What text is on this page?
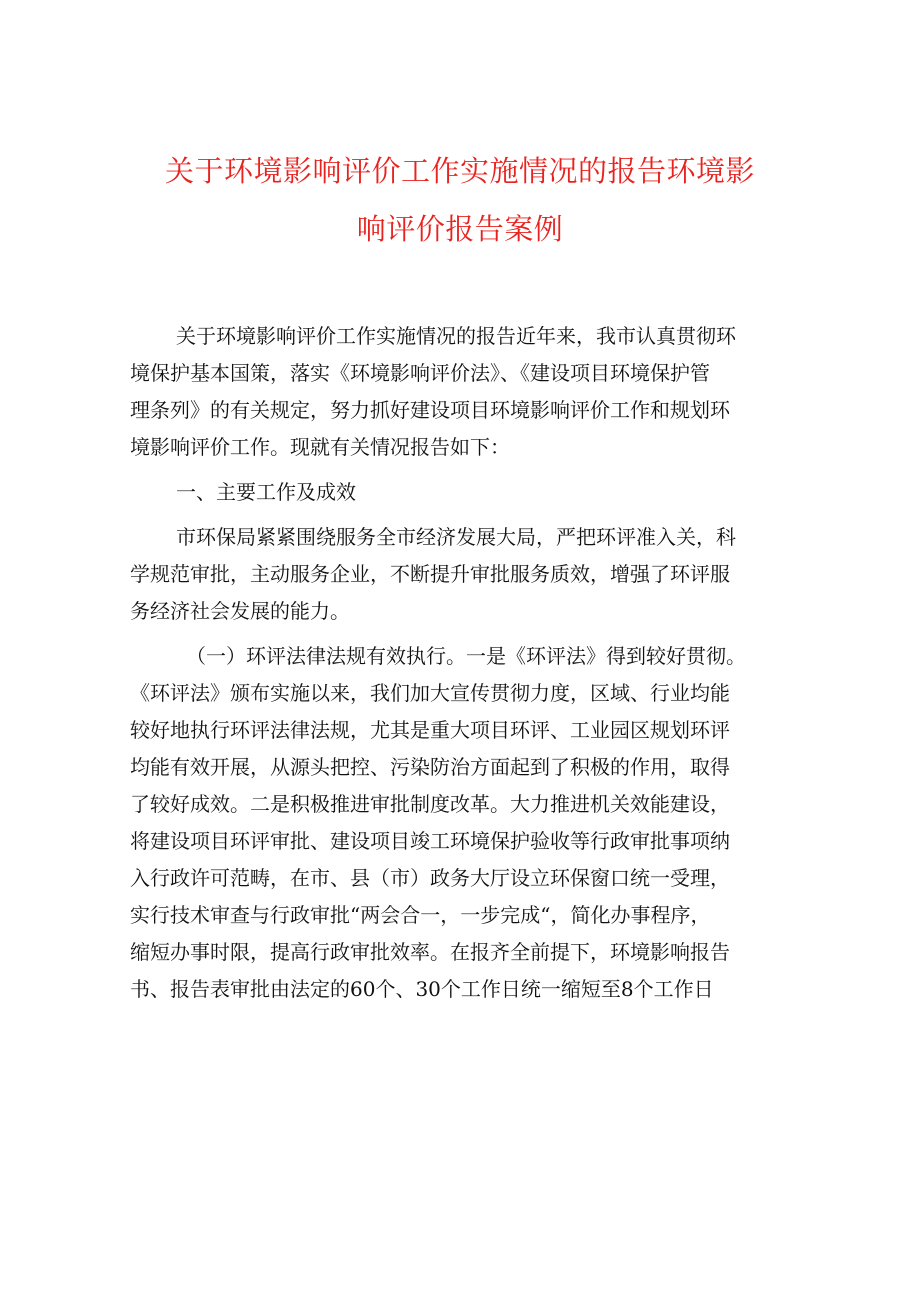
关于环境影响评价工作实施情况的报告环境影
响评价报告案例
关于环境影响评价工作实施情况的报告近年来，我市认真贯彻环
境保护基本国策，落实《环境影响评价法》、《建设项目环境保护管
理条列》的有关规定，努力抓好建设项目环境影响评价工作和规划环
境影响评价工作。现就有关情况报告如下：
一、主要工作及成效
市环保局紧紧围绕服务全市经济发展大局，严把环评准入关，科
学规范审批，主动服务企业，不断提升审批服务质效，增强了环评服
务经济社会发展的能力。
（一）环评法律法规有效执行。一是《环评法》得到较好贯彻。
《环评法》颁布实施以来，我们加大宣传贯彻力度，区域、行业均能
较好地执行环评法律法规，尤其是重大项目环评、工业园区规划环评
均能有效开展，从源头把控、污染防治方面起到了积极的作用，取得
了较好成效。二是积极推进审批制度改革。大力推进机关效能建设，
将建设项目环评审批、建设项目竣工环境保护验收等行政审批事项纳
入行政许可范畴，在市、县（市）政务大厅设立环保窗口统一受理，
实行技术审查与行政审批“两会合一，一步完成“，简化办事程序，
缩短办事时限，提高行政审批效率。在报齐全前提下，环境影响报告
书、报告表审批由法定的60个、30个工作日统一缩短至8个工作日
